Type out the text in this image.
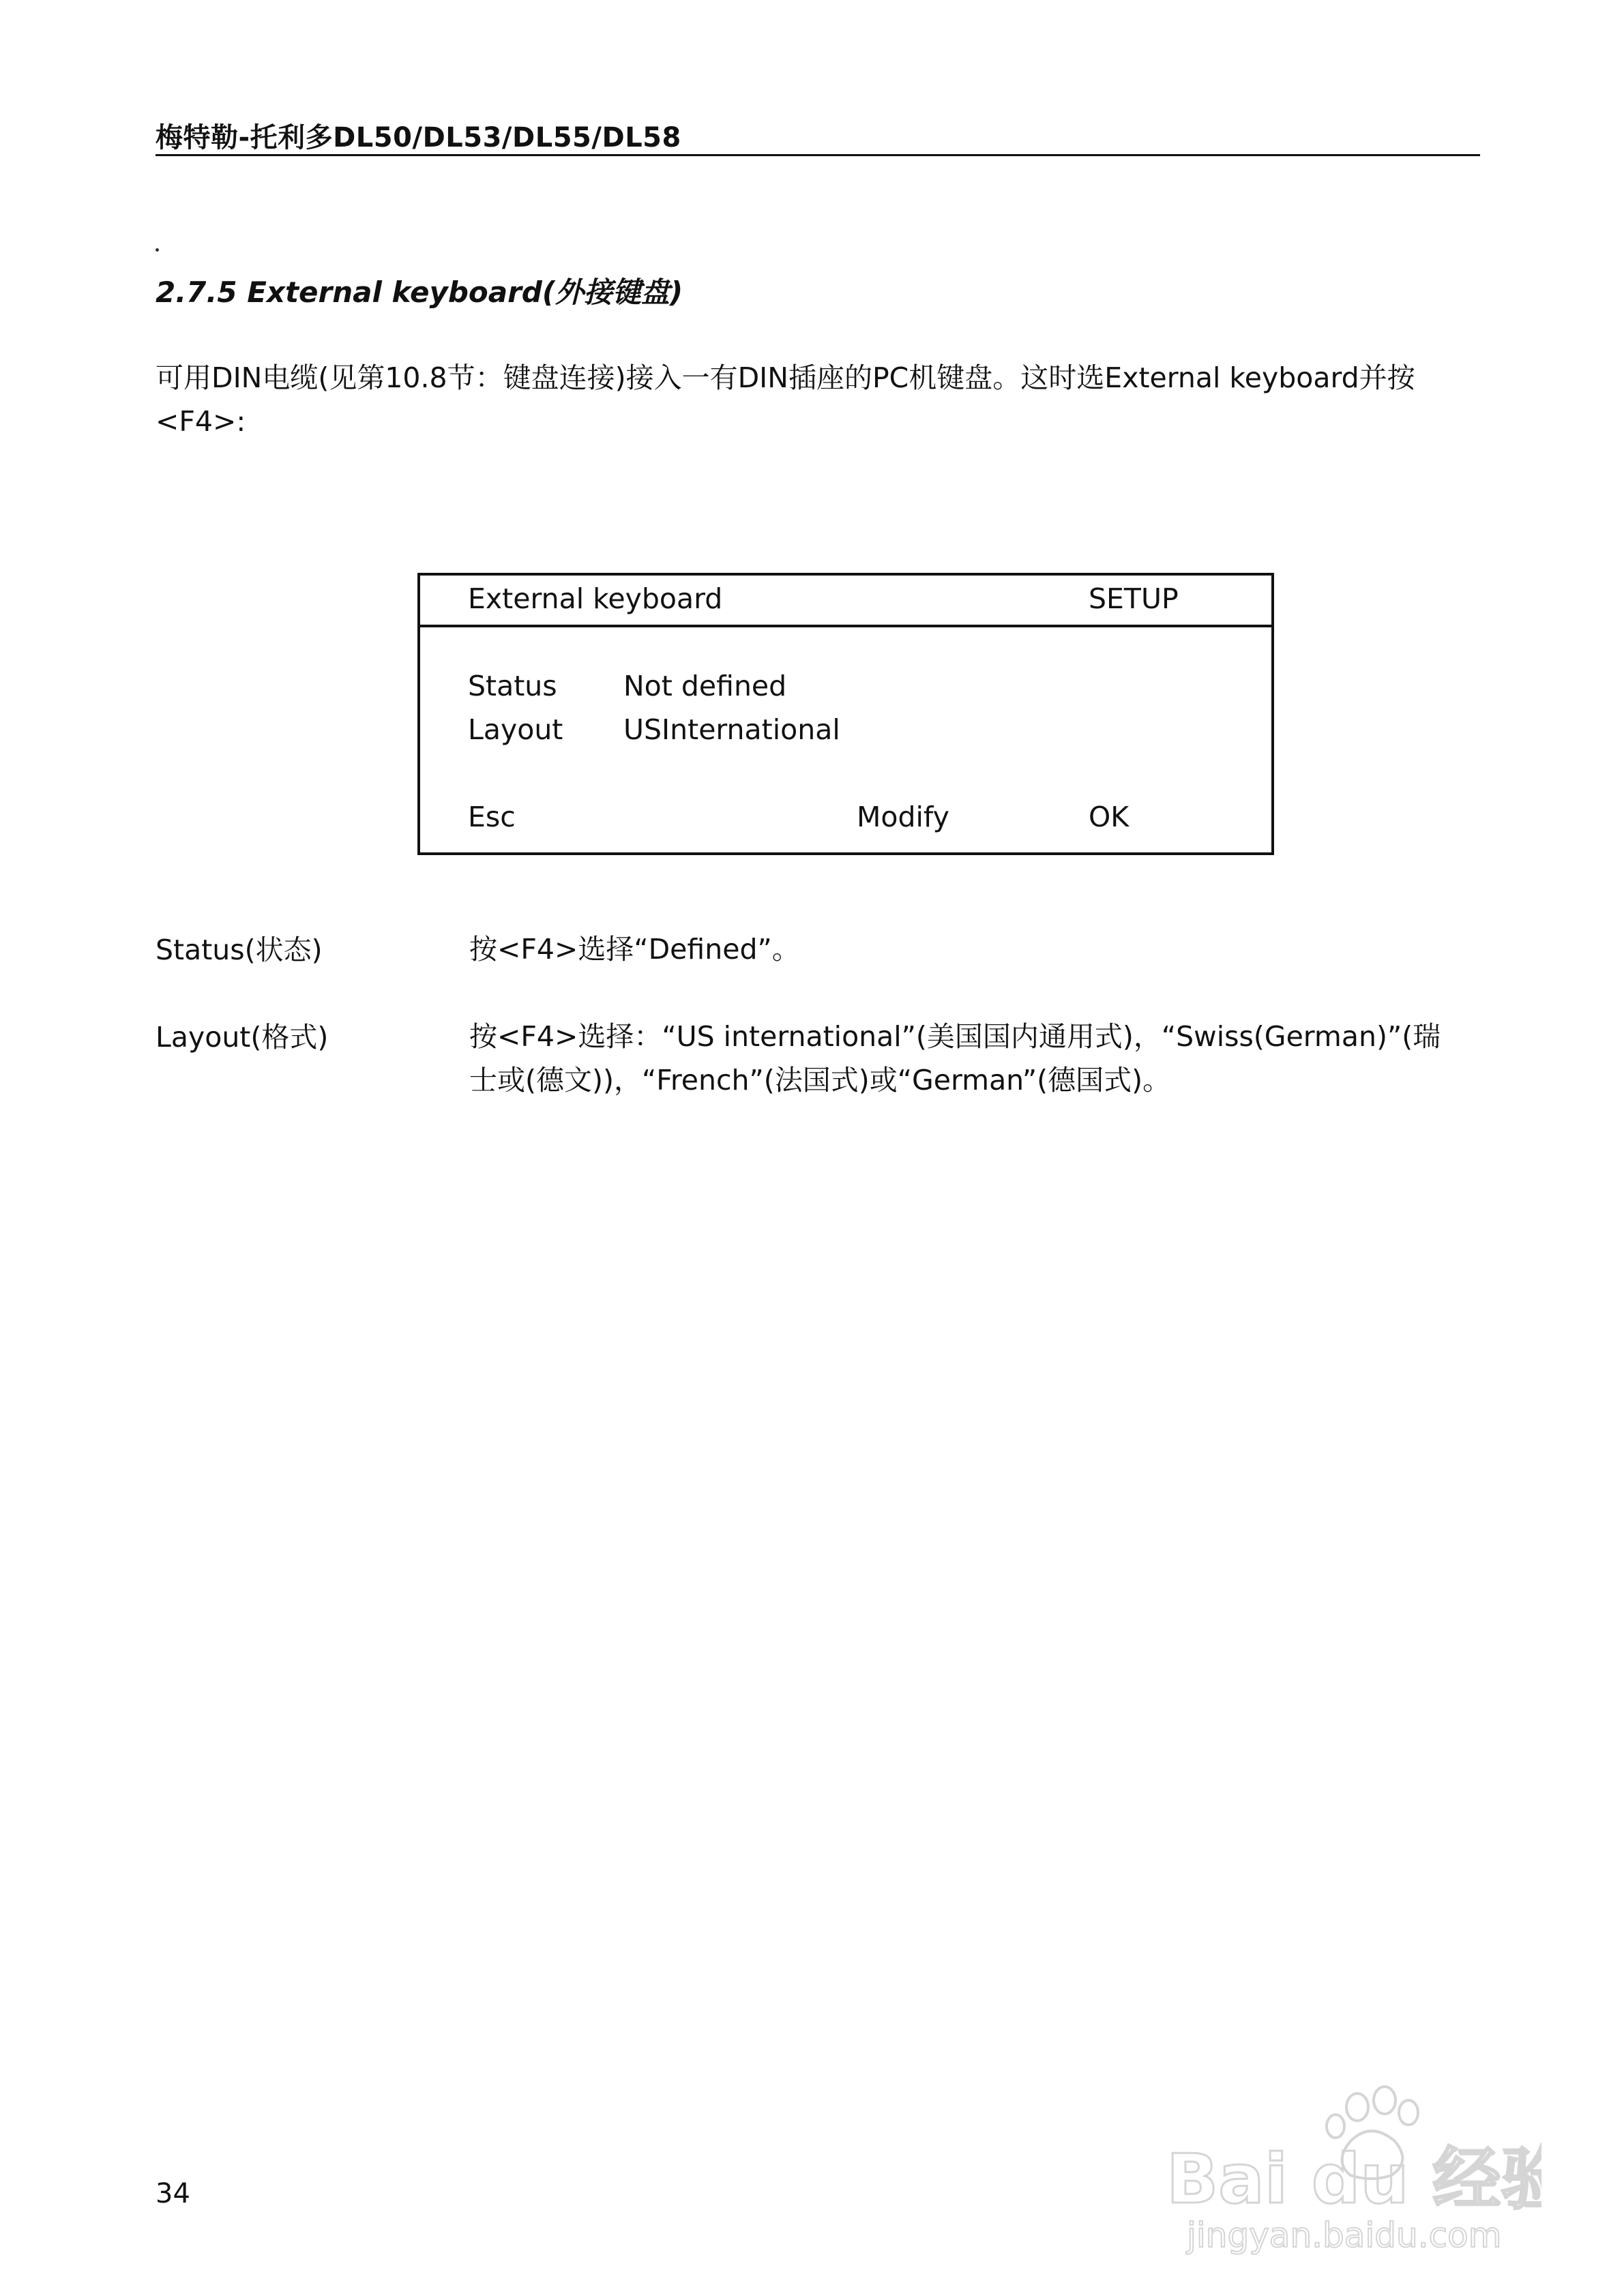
梅特勒-托利多DL50/DL53/DL55/DL58
2.7.5 External keyboard(外接键盘)
可用DIN电缆(见第10.8节：键盘连接)接入一有DIN插座的PC机键盘。这时选External keyboard并按<F4>:
External keyboard	SETUP
Status Not defined
Layout USInternational
Esc	Modify	OK
Status(状态)	按<F4>选择“Defined”。
Layout(格式)	按<F4>选择：“US international”(美国国内通用式)，“Swiss(German)”(瑞士或(德文))，“French”(法国式)或“German”(德国式)。
34	Bai du 经验
jingyan.baidu.com
